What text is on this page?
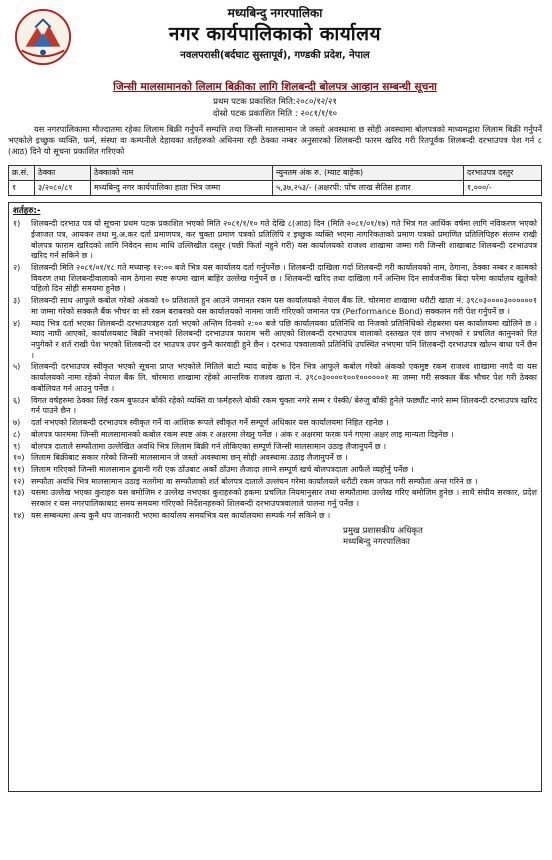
मध्यबिन्दु नगरपालिका
नगर कार्यपालिकाको कार्यालय
नवलपरासी(बर्दघाट सुस्तापूर्व), गण्डकी प्रदेश, नेपाल
जिन्सी मालसामानको लिलाम बिक्रीका लागि शिलबन्दी बोलपत्र आव्हान सम्बन्धी सूचना
प्रथम पटक प्रकाशित मिति:२०८०/१२/२१
दोस्रो पटक प्रकाशित मिति : २०८१/१/१०
यस नगरपालिकामा मौज्दातमा रहेका लिलाम बिक्री गर्नुपर्ने सम्पत्ति तथा जिन्सी मालसामान जे जस्तो अवस्थामा छ सोही अवस्थामा बोलपत्रको माध्यमद्वारा लिलाम बिक्री गर्नुपर्ने भएकोले इच्छुक व्यक्ति, फर्म, संस्था वा कम्पनीले देहायका शर्तहरुको अधिनमा रही ठेक्का नम्बर अनुसारको शिलबन्दी फारम खरिद गरी रितपूर्वक शिलबन्दी दरभाउपत्र पेश गर्न ८ (आठ) दिने यो सूचना प्रकाशित गरिएको
क्र.सं.	ठेक्का	ठेक्काको नाम	न्युनतम अंक रु. (म्याट बाहेक)	दरभाउपत्र दस्तुर
१	३/२०८०/८१	मध्यबिन्दु नगर कार्यपालिका हाता भित्र जम्मा	५,३७,२५३/- (अक्षरपी: पाँच लाख सैतिस हजार	१,०००/-
शर्तहरु:-
१)	शिलबन्दी दरभाउ पत्र यो सूचना प्रथम पटक प्रकाशित भएको मिति २०८१/१/१० गते देखि ८(आठ) दिन (मिति २०८१/०१/१७) गते भित्र गत आर्थिक वर्षमा लागि नविकरण भएको ईजाजत पत्र, आयकर तथा मु.अ.कर दर्ता प्रमाणपत्र, कर चुक्ता प्रमाण पत्रको प्रतिलिपि र इच्छुक व्यक्ति भएमा नागरिकताको प्रमाण पत्रको प्रमाणित प्रतिलिपिहरु संलग्न राखी बोलपत्र फाराम खरिदको लागि निवेदन साथ माथि उल्लिखीत दस्तुर (पछी फिर्ता नहुने गरी) यस कार्यालयको राजश्व शाखामा जम्मा गरी जिन्सी शाखाबाट शिलबन्दी दरभाउपत्र खरिद गर्न सकिने छ ।
२)	शिलबन्दी मिति २०८१/०१/१८ गते मध्यान्ह १२:०० बजे भित्र यस कार्यालय दर्ता गर्नुपर्नेछ । शिलबन्दी दाखिला गर्दा शिलबन्दी गरी कार्यालयको नाम, ठेगाना, ठेक्का नम्बर र कामको विवरण तथा शिलबन्दीवालाको नाम ठेगाना स्पष्ट रूपमा खाम बाहिर उल्लेख गर्नुपर्ने छ । शिलबन्दी खरिद तथा दाखिला गर्ने अन्तिम दिन सार्वजनीक बिदा परेमा कार्यालय खुलेको पहिलो दिन सोही समयमा हुनेछ ।
३)	शिलबन्दी साथ आफुले कबोल गरेको अंकको १० प्रतिशतले हुन आउने जमानत रकम यस कार्यालयको नेपाल बैंक लि. चोरमारा शाखामा धरौटी खाता नं. ३९८०३००००३००००००१ मा जम्मा गरेको सक्कलै बैंक भौचर वा सो रकम बराबरको यस कार्यालयको नाममा जारी गरिएको जमानत पत्र (Performance Bond) सक्कलन गरी पेश गर्नुपर्ने छ ।
४)	म्याद भित्र दर्ता भएका शिलबन्दी दरभाउपत्रहरु दर्ता भएको अन्तिम दिनको २:०० बजे पछि कार्यालयका प्रतिनिधि वा निजको प्रतिनिधिको रोहबरमा यस कार्यालयमा खोलिने छ । म्याद नाघी आएको, कार्यालयबाट बिक्री नभएको शिलबन्दी दरभाउपत्र फाराम भरी आएको शिलबन्दी दरभाउपत्र वालाको दस्तखत एवं छाप नभएको र प्रचलित कानुनको रित नपुगेको र शर्त राखी पेश भएको शिलबन्दी दर भाउपत्र उपर कुनै कारवाही हुने छैन । दरभाउ पत्रवालाको प्रतिनिधि उपस्थित नभएमा पनि शिलबन्दी दरभाउपत्र खोल्न बाधा पर्ने छैन ।
५)	शिलबन्दी दरभाउपत्र स्वीकृत भएको सूचना प्राप्त भएकोले मितिले बाटो म्याद बाहेक ७ दिन भित्र आफुले कबोल गरेको अंकको एकमुष्ट रकम राजश्व शाखामा नगदै वा यस कार्यालयको नामा रहेको नेपाल बैंक लि. चोरमारा शाखामा रहेको आन्तरिक राजश्व खाता नं. ३९८०३००००१००१००००००१ मा जम्मा गरी सक्कल बैंक भौचर पेश गरी ठेक्का कबोलियत गर्न आउनु पर्नेछ ।
६)	विगत वर्षहरुमा ठेक्का लिई रकम बुफाउन बाँकी रहेको व्यक्ति वा फर्महरुले बोकी रकम चुक्ता नगरे सम्म र पेस्की/ बेरुजु बाँकी हुनेले फर्छ्यौट नगरे सम्म शिलबन्दी दरभाउपत्र खरिद गर्न पाउने छैन ।
७)	दर्ता नभएको शिलबन्दी दरभाउपत्र स्वीकृत गर्ने वा आंशिक रूपले स्वीकृत गर्ने सम्पूर्ण अधिकार यस कार्यालयमा निहित रहनेछ ।
८)	बोलपत्र फारममा जिन्सी मालसामानको कबोल रकम स्पष्ट अंक र अक्षरमा लेख्नु पर्नेछ । अंक र अक्षरमा फरक पर्न गएमा अक्षर लाइ मान्यता दिइनेछ ।
९)	बोलपत्र दाताले सम्फौतामा उल्लेखित अवधि भित्र लिलाम बिक्री गर्न तोकिएका सम्पूर्ण जिन्सी मालसामान उठाइ लैजानुपर्ने छ ।
१०) लिलाम बिक्रीबाट सकार गरेको जिन्सी मालसामान जे जस्तो अवस्थामा छन् सोही अवस्थामा उठाइ लैजानुपर्ने छ ।
११) लिलाम गरिएको जिन्सी मालसामान ढुवानी गरी एक ठाँउबाट अर्को ठाँउमा लैजादा लाग्ने सम्पूर्ण खर्च बोलपत्रदाता आफैले व्यहोर्नु पर्नेछ ।
१२) सम्फौता अवधि भित्र मालसामान उठाइ नलगेमा वा सम्फौताको शर्त बोलपत्र दाताले उल्लंघन गरेमा कार्यालयले धरौटी रकम जफत गरी सम्फौता अन्त गरिने छ ।
१३) यसमा उल्लेख भएका कुराहरु यस बमोजिम र उल्लेख नभएका कुराहरुको हकमा प्रचलित नियमानुसार तथा सम्फौतामा उल्लेख गरिए बमोजिम हुनेछ । साथै संघीय सरकार, प्रदेश सरकार र यस नगरपालिकाबाट समय समयमा गरिएको निर्देशनहरुको शिलबन्दी दरभाउपत्रवालाले पालना गर्नु पर्नेछ ।
१४) यस सम्बन्धमा अन्य कुनै थप जानकारी भएमा कार्यालय समयभित्र यस कार्यालयमा सम्पर्क गर्न सकिने छ ।
प्रमुख प्रशासकीय अधिकृत
मध्यबिन्दु नगरपालिका
